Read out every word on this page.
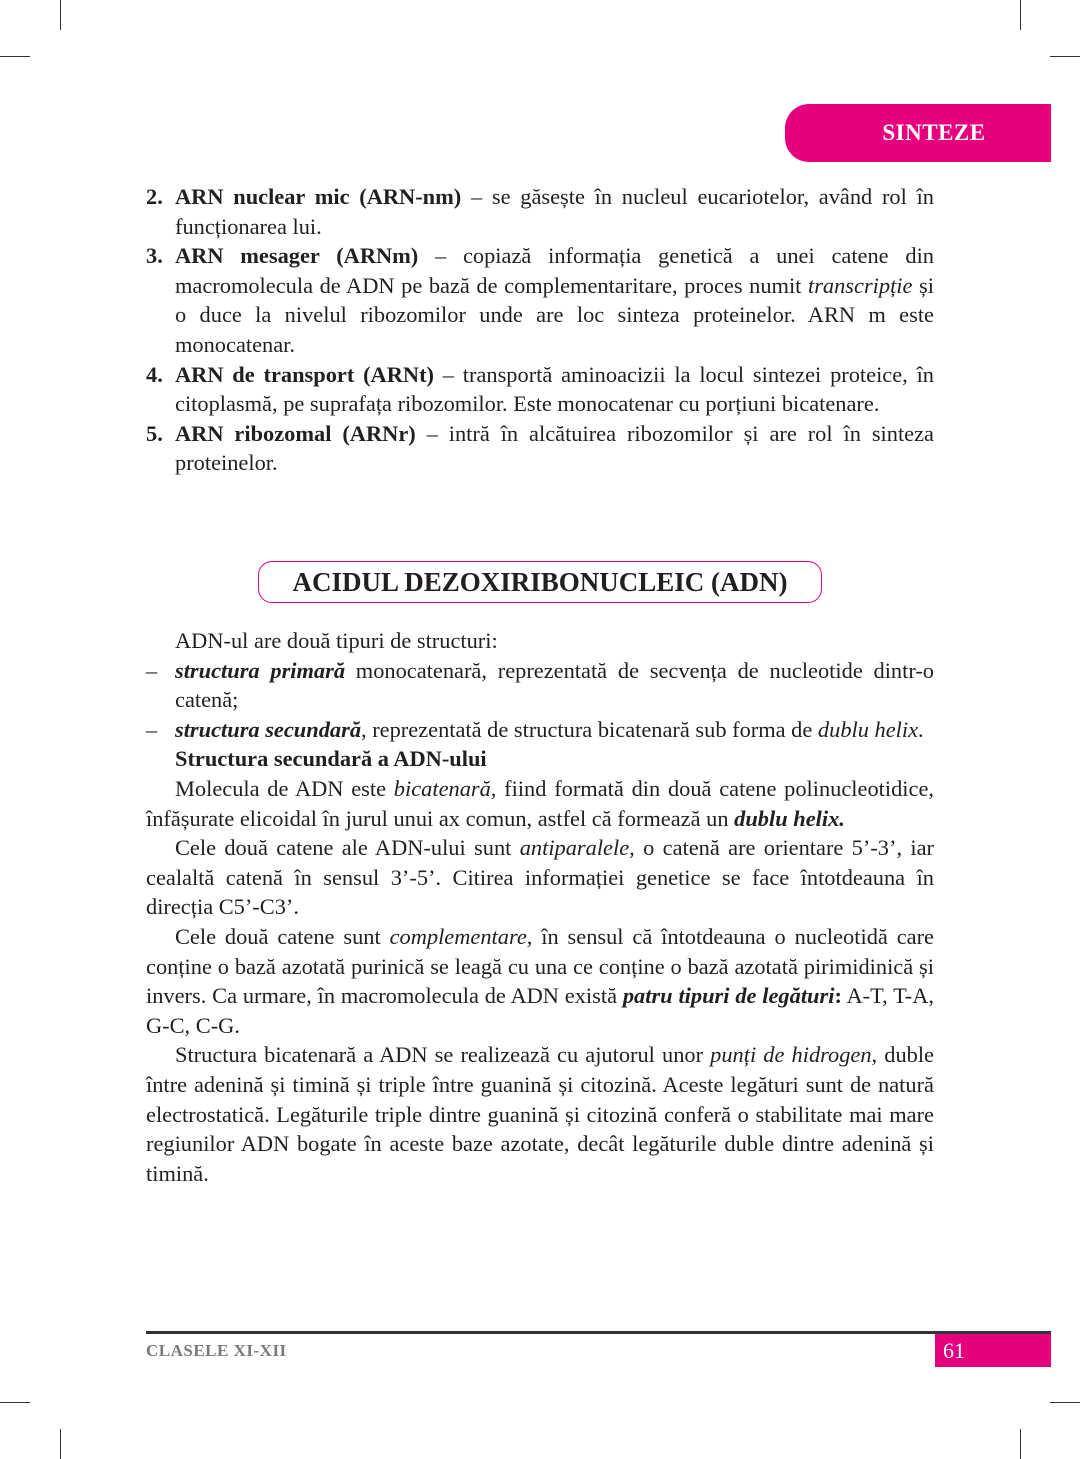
SINTEZE
2. ARN nuclear mic (ARN-nm) – se găsește în nucleul eucariotelor, având rol în funcționarea lui.
3. ARN mesager (ARNm) – copiază informația genetică a unei catene din macromolecula de ADN pe bază de complementaritare, proces numit transcripție și o duce la nivelul ribozomilor unde are loc sinteza proteinelor. ARN m este monocatenar.
4. ARN de transport (ARNt) – transportă aminoacizii la locul sintezei proteice, în citoplasmă, pe suprafața ribozomilor. Este monocatenar cu porțiuni bicatenare.
5. ARN ribozomal (ARNr) – intră în alcătuirea ribozomilor și are rol în sinteza proteinelor.
ACIDUL DEZOXIRIBONUCLEIC (ADN)
ADN-ul are două tipuri de structuri:
– structura primară monocatenară, reprezentată de secvența de nucleotide dintr-o catenă;
– structura secundară, reprezentată de structura bicatenară sub forma de dublu helix.
Structura secundară a ADN-ului
Molecula de ADN este bicatenară, fiind formată din două catene polinucleotidice, înfășurate elicoidal în jurul unui ax comun, astfel că formează un dublu helix.
Cele două catene ale ADN-ului sunt antiparalele, o catenă are orientare 5’-3’, iar cealaltă catenă în sensul 3’-5’. Citirea informației genetice se face întotdeauna în direcția C5’-C3’.
Cele două catene sunt complementare, în sensul că întotdeauna o nucleotidă care conține o bază azotată purinică se leagă cu una ce conține o bază azotată pirimidinică și invers. Ca urmare, în macromolecula de ADN există patru tipuri de legături: A-T, T-A, G-C, C-G.
Structura bicatenară a ADN se realizează cu ajutorul unor punți de hidrogen, duble între adenină și timină și triple între guanină și citozină. Aceste legături sunt de natură electrostatică. Legăturile triple dintre guanină și citozină conferă o stabilitate mai mare regiunilor ADN bogate în aceste baze azotate, decât legăturile duble dintre adenină și timină.
CLASELE XI-XII	61
